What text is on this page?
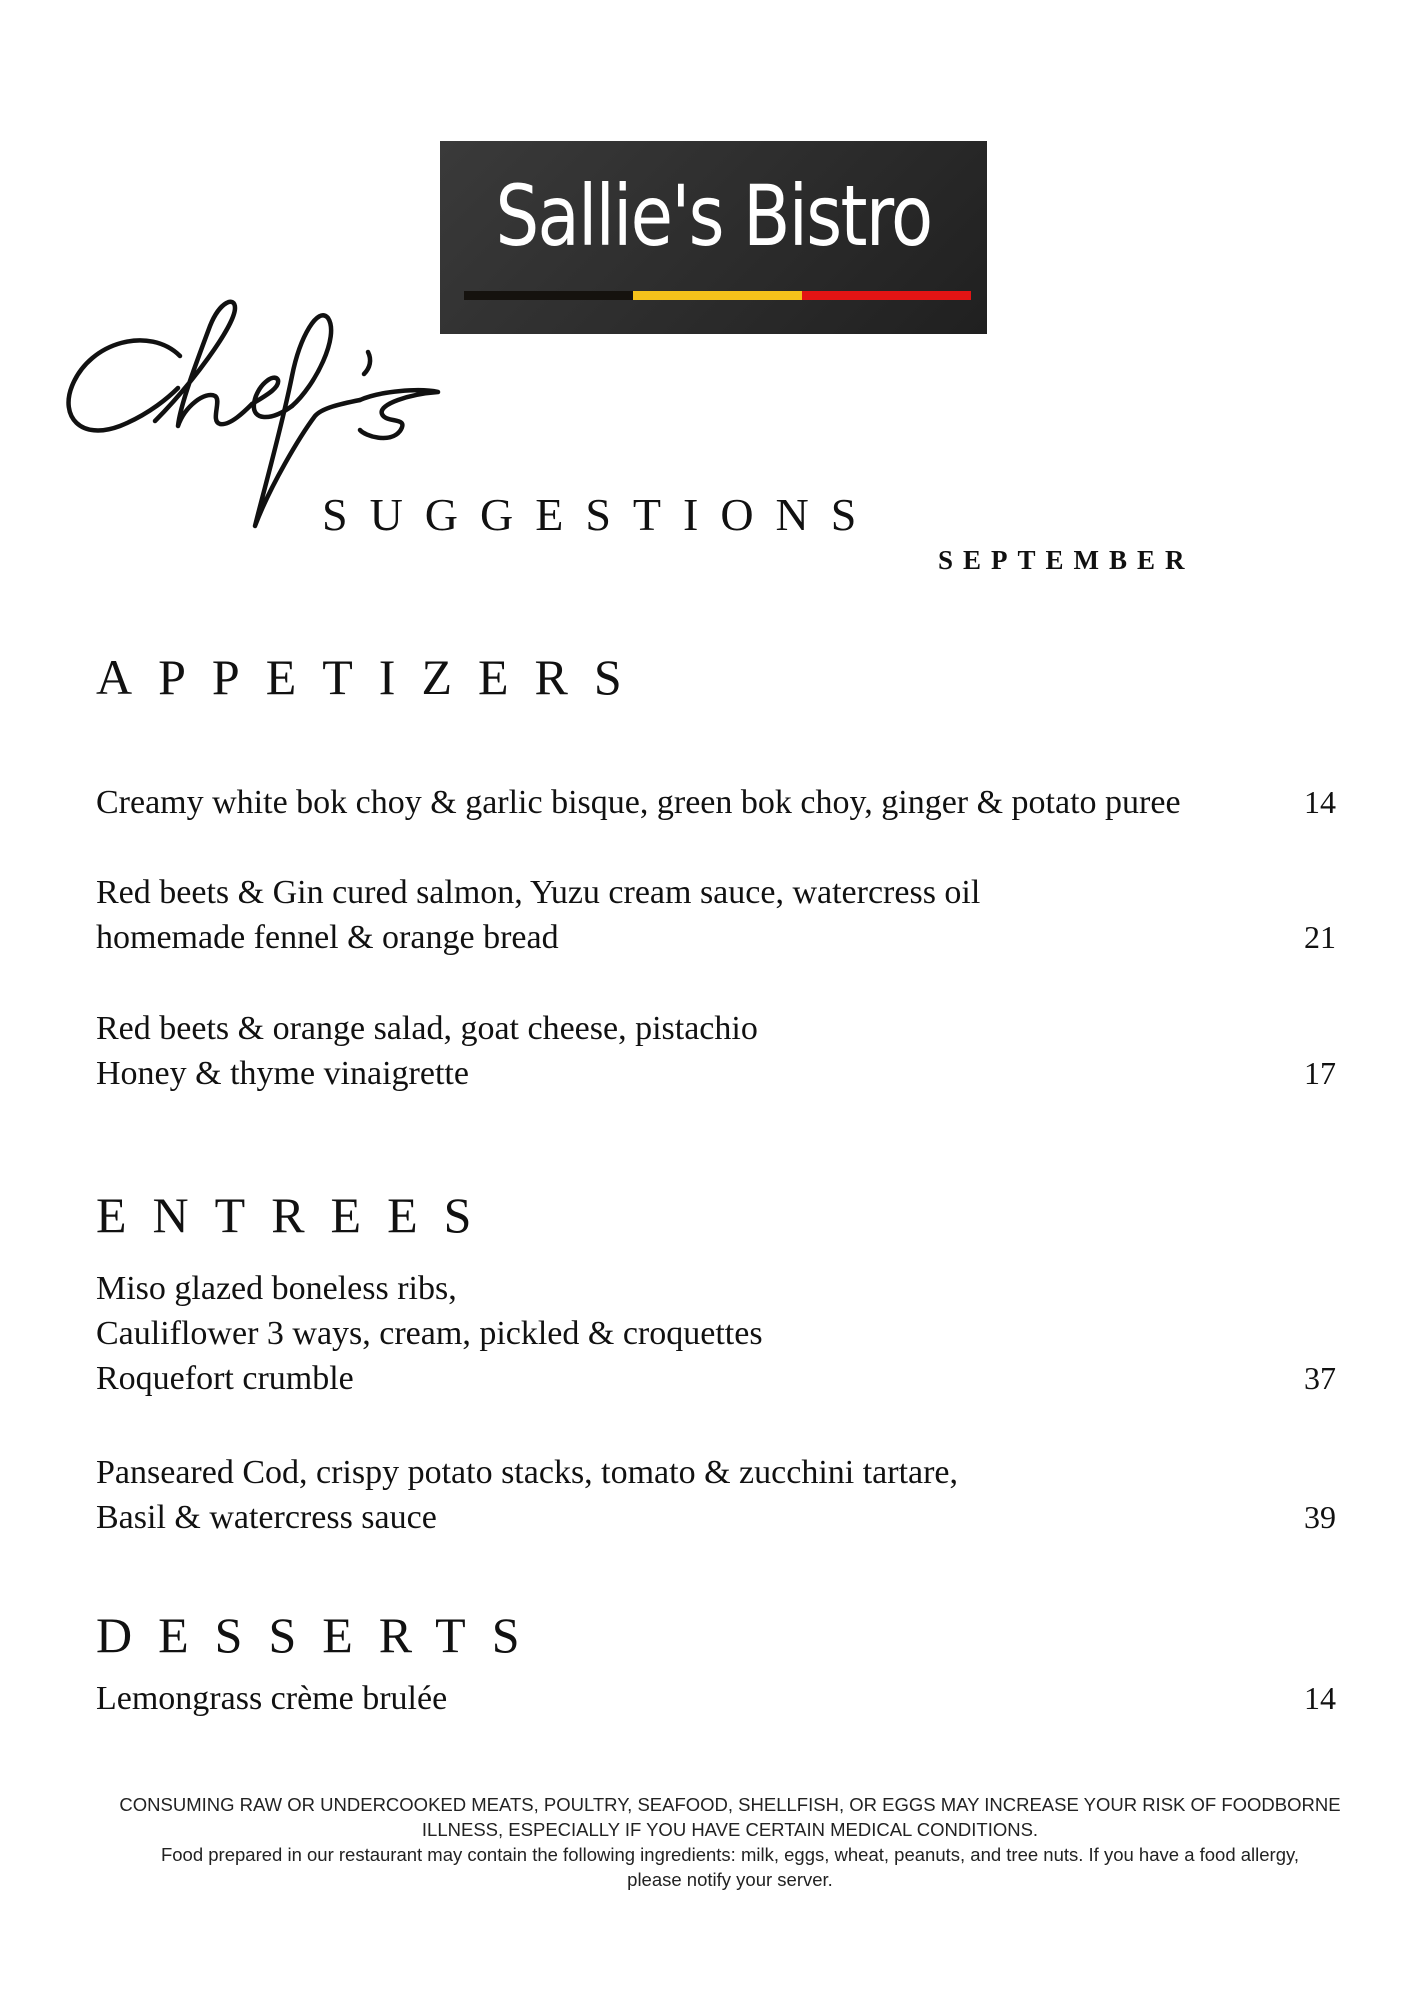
Sallie's Bistro
SUGGESTIONS
SEPTEMBER
APPETIZERS
Creamy white bok choy & garlic bisque, green bok choy, ginger & potato puree	14
Red beets & Gin cured salmon, Yuzu cream sauce, watercress oil
homemade fennel & orange bread	21
Red beets & orange salad, goat cheese, pistachio
Honey & thyme vinaigrette	17
ENTREES
Miso glazed boneless ribs,
Cauliflower 3 ways, cream, pickled & croquettes
Roquefort crumble	37
Panseared Cod, crispy potato stacks, tomato & zucchini tartare,
Basil & watercress sauce	39
DESSERTS
Lemongrass crème brulée	14
CONSUMING RAW OR UNDERCOOKED MEATS, POULTRY, SEAFOOD, SHELLFISH, OR EGGS MAY INCREASE YOUR RISK OF FOODBORNE
ILLNESS, ESPECIALLY IF YOU HAVE CERTAIN MEDICAL CONDITIONS.
Food prepared in our restaurant may contain the following ingredients: milk, eggs, wheat, peanuts, and tree nuts. If you have a food allergy,
please notify your server.
